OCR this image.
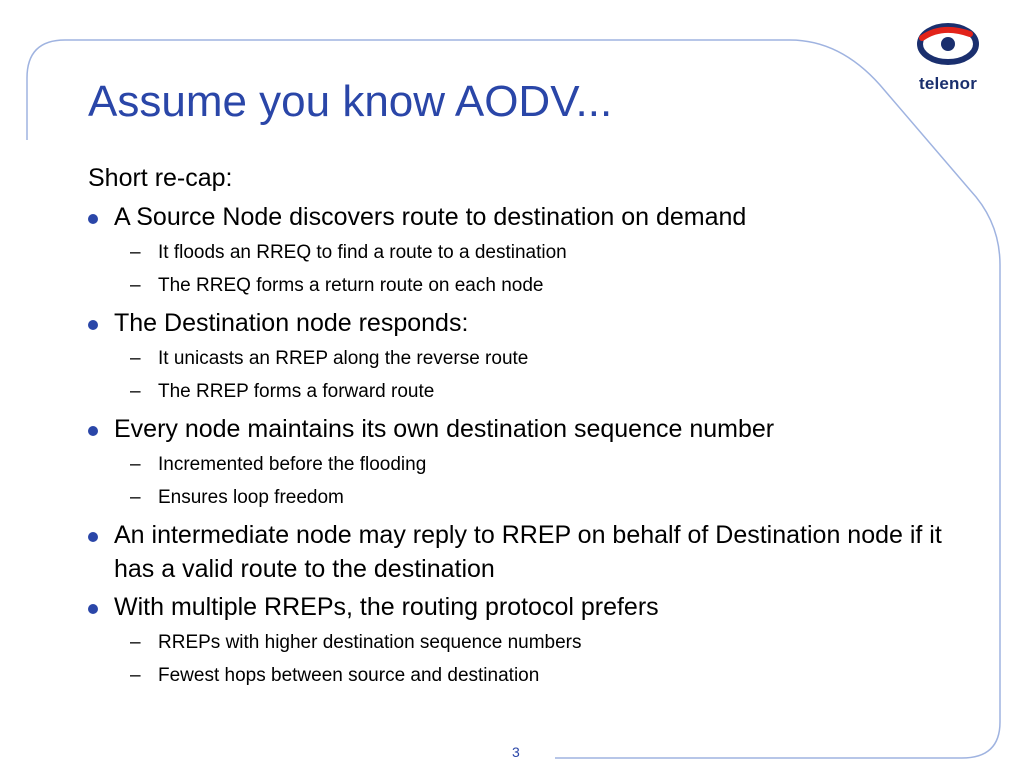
telenor
Assume you know AODV...

Short re-cap:

A Source Node discovers route to destination on demand
– It floods an RREQ to find a route to a destination
– The RREQ forms a return route on each node
The Destination node responds:
– It unicasts an RREP along the reverse route
– The RREP forms a forward route
Every node maintains its own destination sequence number
– Incremented before the flooding
– Ensures loop freedom
An intermediate node may reply to RREP on behalf of Destination node if it has a valid route to the destination
With multiple RREPs, the routing protocol prefers
– RREPs with higher destination sequence numbers
– Fewest hops between source and destination
3
